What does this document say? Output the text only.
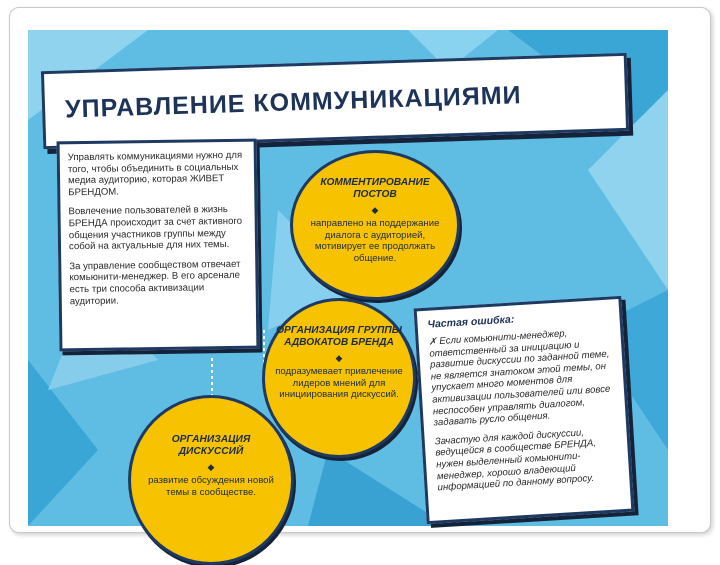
УПРАВЛЕНИЕ КОММУНИКАЦИЯМИ

Управлять коммуникациями нужно для того, чтобы объединить в социальных медиа аудиторию, которая ЖИВЕТ БРЕНДОМ.

Вовлечение пользователей в жизнь БРЕНДА происходит за счет активного общения участников группы между собой на актуальные для них темы.

За управление сообществом отвечает комьюнити-менеджер. В его арсенале есть три способа активизации аудитории.

КОММЕНТИРОВАНИЕ ПОСТОВ
◆
направлено на поддержание диалога с аудиторией, мотивирует ее продолжать общение.
ОРГАНИЗАЦИЯ ГРУППЫ АДВОКАТОВ БРЕНДА
◆
подразумевает привлечение лидеров мнений для инициирования дискуссий.
ОРГАНИЗАЦИЯ ДИСКУССИЙ
◆
развитие обсуждения новой темы в сообществе.
Частая ошибка:

✗ Если комьюнити-менеджер, ответственный за инициацию и развитие дискуссии по заданной теме, не является знатоком этой темы, он упускает много моментов для активизации пользователей или вовсе неспособен управлять диалогом, задавать русло общения.

Зачастую для каждой дискуссии, ведущейся в сообществе БРЕНДА, нужен выделенный комьюнити-менеджер, хорошо владеющий информацией по данному вопросу.
